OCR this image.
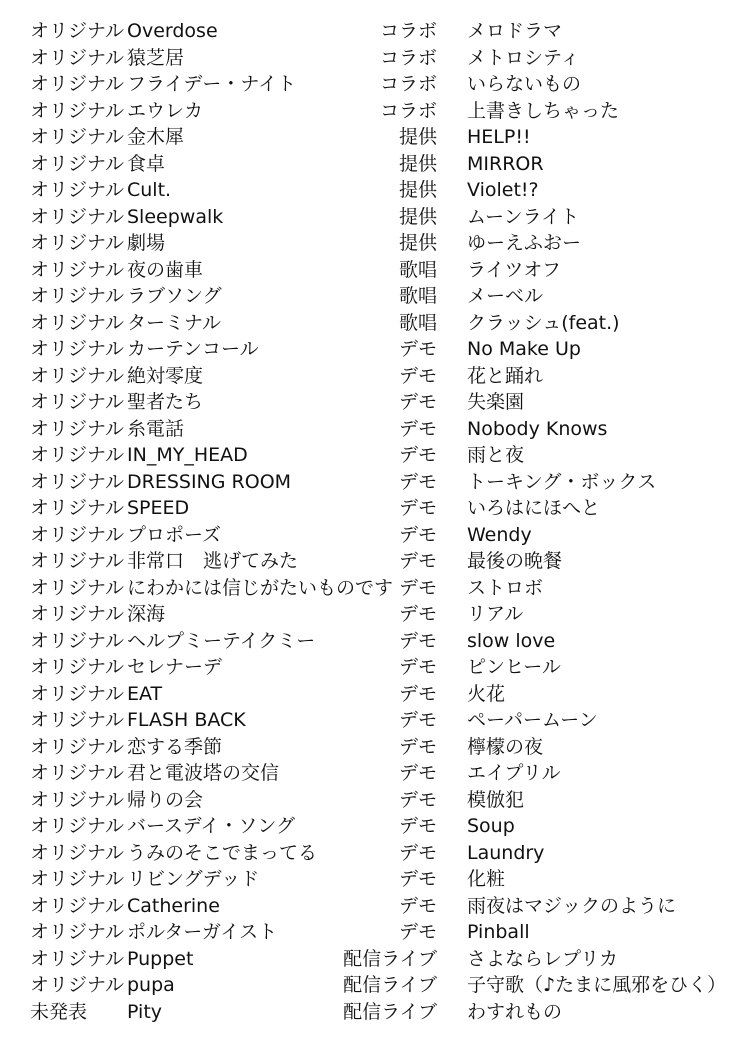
オリジナル Overdose	コラボ メロドラマ
オリジナル 猿芝居	コラボ メトロシティ
オリジナル フライデー・ナイト	コラボ いらないもの
オリジナル エウレカ	コラボ 上書きしちゃった
オリジナル 金木犀	提供 HELP!!
オリジナル 食卓	提供 MIRROR
オリジナル Cult.	提供 Violet!?
オリジナル Sleepwalk	提供 ムーンライト
オリジナル 劇場	提供 ゆーえふおー
オリジナル 夜の歯車	歌唱 ライツオフ
オリジナル ラブソング	歌唱 メーベル
オリジナル ターミナル	歌唱 クラッシュ(feat.)
オリジナル カーテンコール	デモ No Make Up
オリジナル 絶対零度	デモ 花と踊れ
オリジナル 聖者たち	デモ 失楽園
オリジナル 糸電話	デモ Nobody Knows
オリジナル IN_MY_HEAD	デモ 雨と夜
オリジナル DRESSING ROOM	デモ トーキング・ボックス
オリジナル SPEED	デモ いろはにほへと
オリジナル プロポーズ	デモ Wendy
オリジナル 非常口　逃げてみた	デモ 最後の晩餐
オリジナル にわかには信じがたいものです デモ ストロボ
オリジナル 深海	デモ リアル
オリジナル ヘルプミーテイクミー	デモ slow love
オリジナル セレナーデ	デモ ピンヒール
オリジナル EAT	デモ 火花
オリジナル FLASH BACK	デモ ペーパームーン
オリジナル 恋する季節	デモ 檸檬の夜
オリジナル 君と電波塔の交信	デモ エイプリル
オリジナル 帰りの会	デモ 模倣犯
オリジナル バースデイ・ソング	デモ Soup
オリジナル うみのそこでまってる	デモ Laundry
オリジナル リビングデッド	デモ 化粧
オリジナル Catherine	デモ 雨夜はマジックのように
オリジナル ポルターガイスト	デモ Pinball
オリジナル Puppet	配信ライブ さよならレプリカ
オリジナル pupa	配信ライブ 子守歌（♪たまに風邪をひく）
未発表 Pity	配信ライブ わすれもの
